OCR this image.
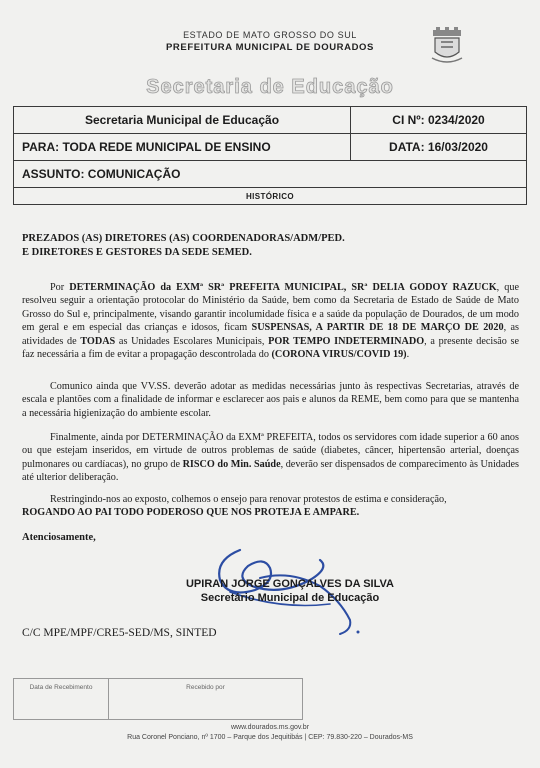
ESTADO DE MATO GROSSO DO SUL
PREFEITURA MUNICIPAL DE DOURADOS
Secretaria de Educação
Secretaria Municipal de Educação	CI Nº: 0234/2020
PARA: TODA REDE MUNICIPAL DE ENSINO	DATA: 16/03/2020
ASSUNTO: COMUNICAÇÃO	
HISTÓRICO	
PREZADOS (AS) DIRETORES (AS) COORDENADORAS/ADM/PED.
E DIRETORES E GESTORES DA SEDE SEMED.
Por DETERMINAÇÃO da EXMª SRª PREFEITA MUNICIPAL, SRª DELIA GODOY RAZUCK, que resolveu seguir a orientação protocolar do Ministério da Saúde, bem como da Secretaria de Estado de Saúde de Mato Grosso do Sul e, principalmente, visando garantir incolumidade física e a saúde da população de Dourados, de um modo em geral e em especial das crianças e idosos, ficam SUSPENSAS, A PARTIR DE 18 DE MARÇO DE 2020, as atividades de TODAS as Unidades Escolares Municipais, POR TEMPO INDETERMINADO, a presente decisão se faz necessária a fim de evitar a propagação descontrolada do (CORONA VIRUS/COVID 19).
Comunico ainda que VV.SS. deverão adotar as medidas necessárias junto às respectivas Secretarias, através de escala e plantões com a finalidade de informar e esclarecer aos pais e alunos da REME, bem como para que se mantenha a necessária higienização do ambiente escolar.
Finalmente, ainda por DETERMINAÇÃO da EXMª PREFEITA, todos os servidores com idade superior a 60 anos ou que estejam inseridos, em virtude de outros problemas de saúde (diabetes, câncer, hipertensão arterial, doenças pulmonares ou cardíacas), no grupo de RISCO do Min. Saúde, deverão ser dispensados de comparecimento às Unidades até ulterior deliberação.
Restringindo-nos ao exposto, colhemos o ensejo para renovar protestos de estima e consideração,
ROGANDO AO PAI TODO PODEROSO QUE NOS PROTEJA E AMPARE.
Atenciosamente,
UPIRAN JORGE GONÇALVES DA SILVA
Secretário Municipal de Educação
C/C MPE/MPF/CRE5-SED/MS, SINTED
Data de Recebimento	Recebido por
www.dourados.ms.gov.br
Rua Coronel Ponciano, nº 1700 – Parque dos Jequitibás | CEP: 79.830-220 – Dourados-MS
